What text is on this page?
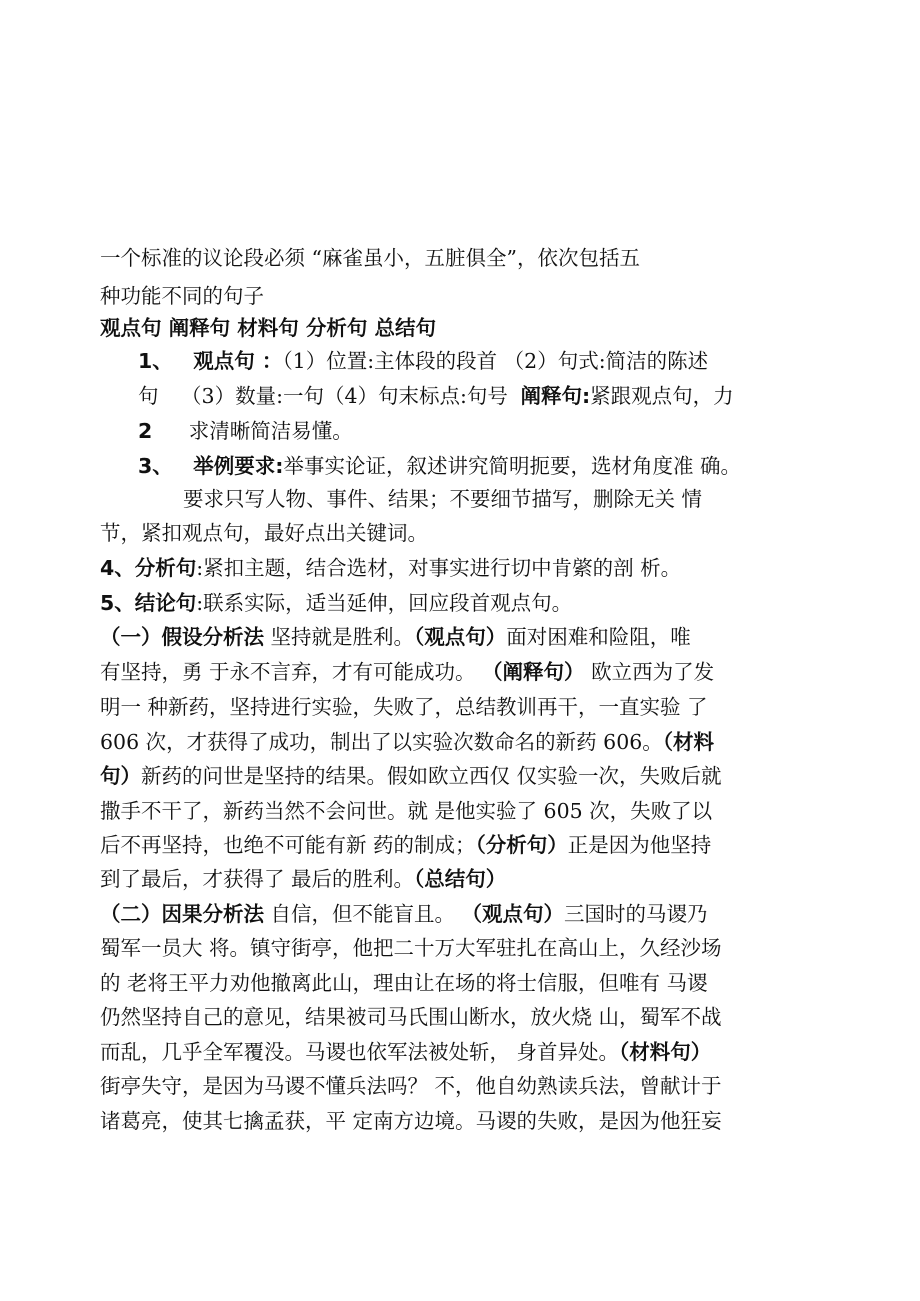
一个标准的议论段必须 “麻雀虽小，五脏俱全”，依次包括五
种功能不同的句子
观点句 阐释句 材料句 分析句 总结句
1、 观点句 ：（1）位置:主体段的段首 （2）句式:简洁的陈述
句 （3）数量:一句（4）句末标点:句号 阐释句:紧跟观点句，力
2 求清晰简洁易懂。
3、 举例要求:举事实论证，叙述讲究简明扼要，选材角度准 确。
要求只写人物、事件、结果；不要细节描写，删除无关 情
节，紧扣观点句，最好点出关键词。
4、分析句:紧扣主题，结合选材，对事实进行切中肯綮的剖 析。
5、结论句:联系实际，适当延伸，回应段首观点句。
（一）假设分析法 坚持就是胜利。（观点句）面对困难和险阻，唯
有坚持，勇 于永不言弃，才有可能成功。 （阐释句） 欧立西为了发
明一 种新药，坚持进行实验，失败了，总结教训再干，一直实验 了
606 次，才获得了成功，制出了以实验次数命名的新药 606。（材料
句）新药的问世是坚持的结果。假如欧立西仅 仅实验一次，失败后就
撒手不干了，新药当然不会问世。就 是他实验了 605 次，失败了以
后不再坚持，也绝不可能有新 药的制成；（分析句）正是因为他坚持
到了最后，才获得了 最后的胜利。（总结句）
（二）因果分析法 自信，但不能盲且。 （观点句）三国时的马谡乃
蜀军一员大 将。镇守街亭，他把二十万大军驻扎在高山上，久经沙场
的 老将王平力劝他撤离此山，理由让在场的将士信服，但唯有 马谡
仍然坚持自己的意见，结果被司马氏围山断水，放火烧 山，蜀军不战
而乱，几乎全军覆没。马谡也依军法被处斩， 身首异处。（材料句）
街亭失守，是因为马谡不懂兵法吗？ 不，他自幼熟读兵法，曾献计于
诸葛亮，使其七擒孟获，平 定南方边境。马谡的失败，是因为他狂妄
